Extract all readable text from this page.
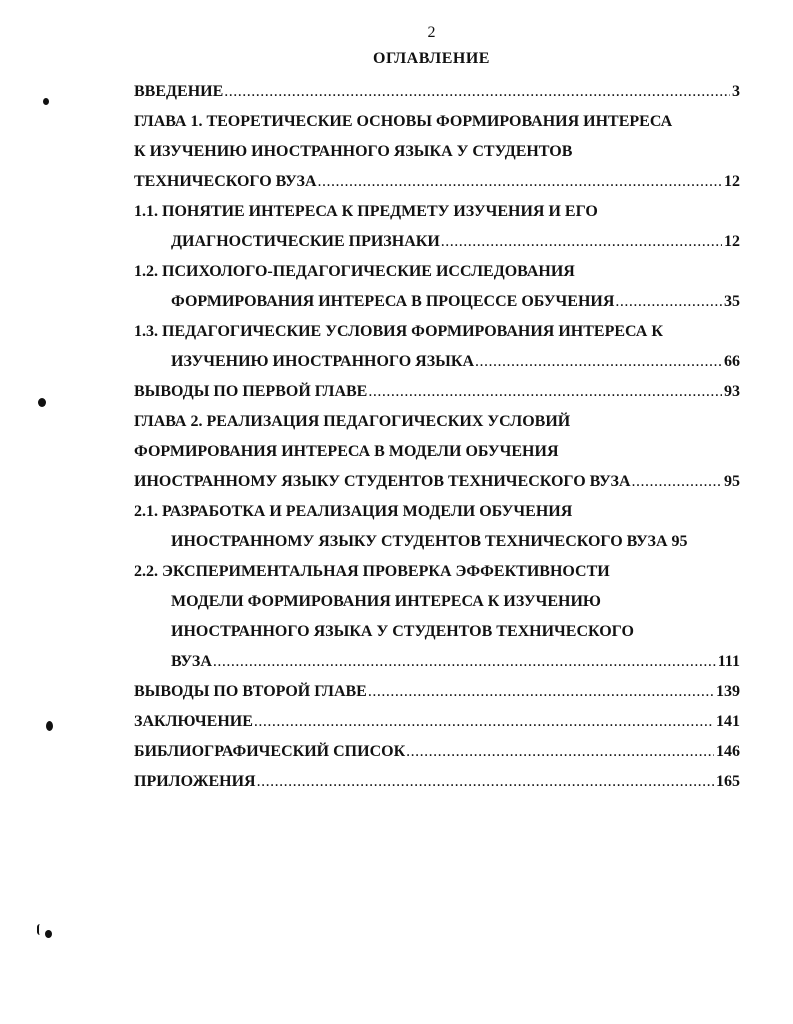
2
ОГЛАВЛЕНИЕ
ВВЕДЕНИЕ .....	3
ГЛАВА 1. ТЕОРЕТИЧЕСКИЕ ОСНОВЫ ФОРМИРОВАНИЯ ИНТЕРЕСА
К ИЗУЧЕНИЮ ИНОСТРАННОГО ЯЗЫКА У СТУДЕНТОВ
ТЕХНИЧЕСКОГО ВУЗА .....	12
1.1. ПОНЯТИЕ ИНТЕРЕСА К ПРЕДМЕТУ ИЗУЧЕНИЯ И ЕГО
ДИАГНОСТИЧЕСКИЕ ПРИЗНАКИ .....	12
1.2. ПСИХОЛОГО-ПЕДАГОГИЧЕСКИЕ ИССЛЕДОВАНИЯ
ФОРМИРОВАНИЯ ИНТЕРЕСА В ПРОЦЕССЕ ОБУЧЕНИЯ .....	35
1.3. ПЕДАГОГИЧЕСКИЕ УСЛОВИЯ ФОРМИРОВАНИЯ ИНТЕРЕСА К
ИЗУЧЕНИЮ ИНОСТРАННОГО ЯЗЫКА .....	66
ВЫВОДЫ ПО ПЕРВОЙ ГЛАВЕ .....	93
ГЛАВА 2. РЕАЛИЗАЦИЯ ПЕДАГОГИЧЕСКИХ УСЛОВИЙ
ФОРМИРОВАНИЯ ИНТЕРЕСА В МОДЕЛИ ОБУЧЕНИЯ
ИНОСТРАННОМУ ЯЗЫКУ СТУДЕНТОВ ТЕХНИЧЕСКОГО ВУЗА .....	95
2.1. РАЗРАБОТКА И РЕАЛИЗАЦИЯ МОДЕЛИ ОБУЧЕНИЯ
ИНОСТРАННОМУ ЯЗЫКУ СТУДЕНТОВ ТЕХНИЧЕСКОГО ВУЗА 95
2.2. ЭКСПЕРИМЕНТАЛЬНАЯ ПРОВЕРКА ЭФФЕКТИВНОСТИ
МОДЕЛИ ФОРМИРОВАНИЯ ИНТЕРЕСА К ИЗУЧЕНИЮ
ИНОСТРАННОГО ЯЗЫКА У СТУДЕНТОВ ТЕХНИЧЕСКОГО
ВУЗА .....	111
ВЫВОДЫ ПО ВТОРОЙ ГЛАВЕ .....	139
ЗАКЛЮЧЕНИЕ .....	141
БИБЛИОГРАФИЧЕСКИЙ СПИСОК .....	146
ПРИЛОЖЕНИЯ .....	165
